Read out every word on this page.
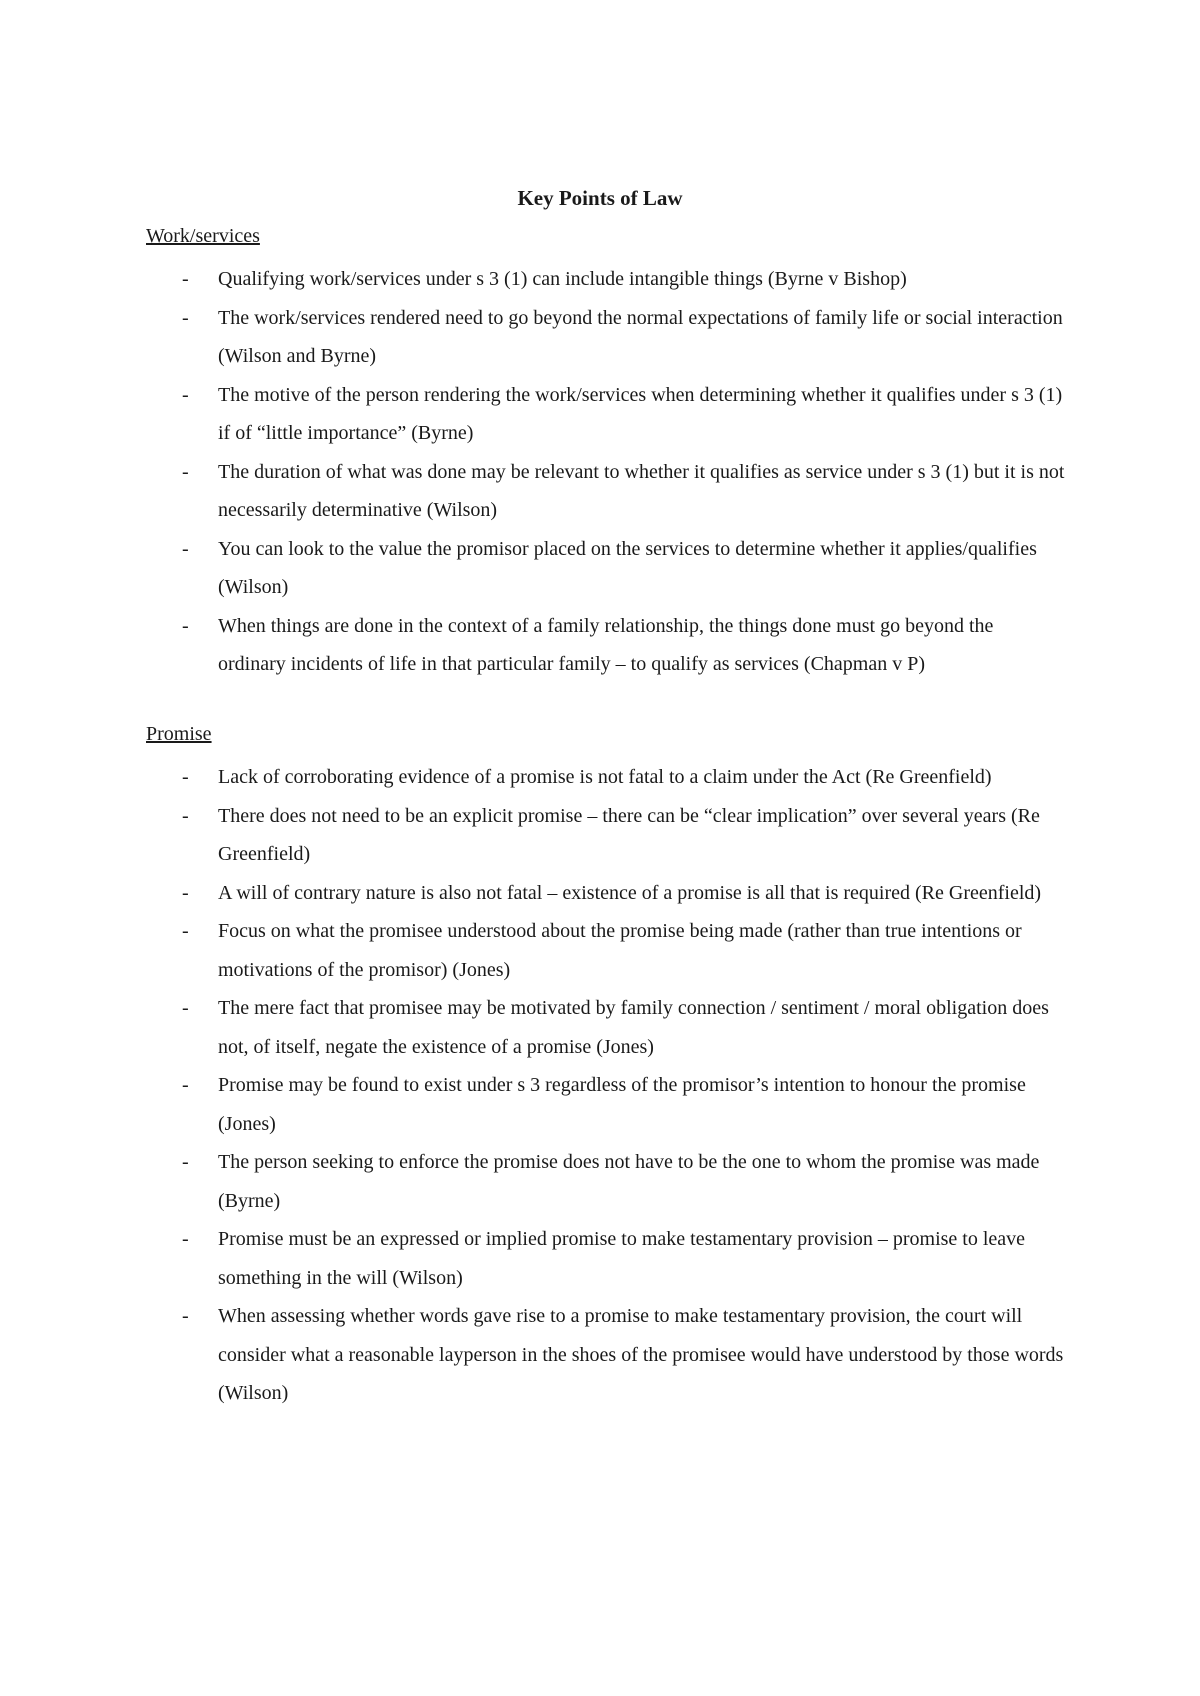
Key Points of Law
Work/services
- Qualifying work/services under s 3 (1) can include intangible things (Byrne v Bishop)
- The work/services rendered need to go beyond the normal expectations of family life or social interaction (Wilson and Byrne)
- The motive of the person rendering the work/services when determining whether it qualifies under s 3 (1) if of “little importance” (Byrne)
- The duration of what was done may be relevant to whether it qualifies as service under s 3 (1) but it is not necessarily determinative (Wilson)
- You can look to the value the promisor placed on the services to determine whether it applies/qualifies (Wilson)
- When things are done in the context of a family relationship, the things done must go beyond the ordinary incidents of life in that particular family – to qualify as services (Chapman v P)
Promise
- Lack of corroborating evidence of a promise is not fatal to a claim under the Act (Re Greenfield)
- There does not need to be an explicit promise – there can be “clear implication” over several years (Re Greenfield)
- A will of contrary nature is also not fatal – existence of a promise is all that is required (Re Greenfield)
- Focus on what the promisee understood about the promise being made (rather than true intentions or motivations of the promisor) (Jones)
- The mere fact that promisee may be motivated by family connection / sentiment / moral obligation does not, of itself, negate the existence of a promise (Jones)
- Promise may be found to exist under s 3 regardless of the promisor’s intention to honour the promise (Jones)
- The person seeking to enforce the promise does not have to be the one to whom the promise was made (Byrne)
- Promise must be an expressed or implied promise to make testamentary provision – promise to leave something in the will (Wilson)
- When assessing whether words gave rise to a promise to make testamentary provision, the court will consider what a reasonable layperson in the shoes of the promisee would have understood by those words (Wilson)
